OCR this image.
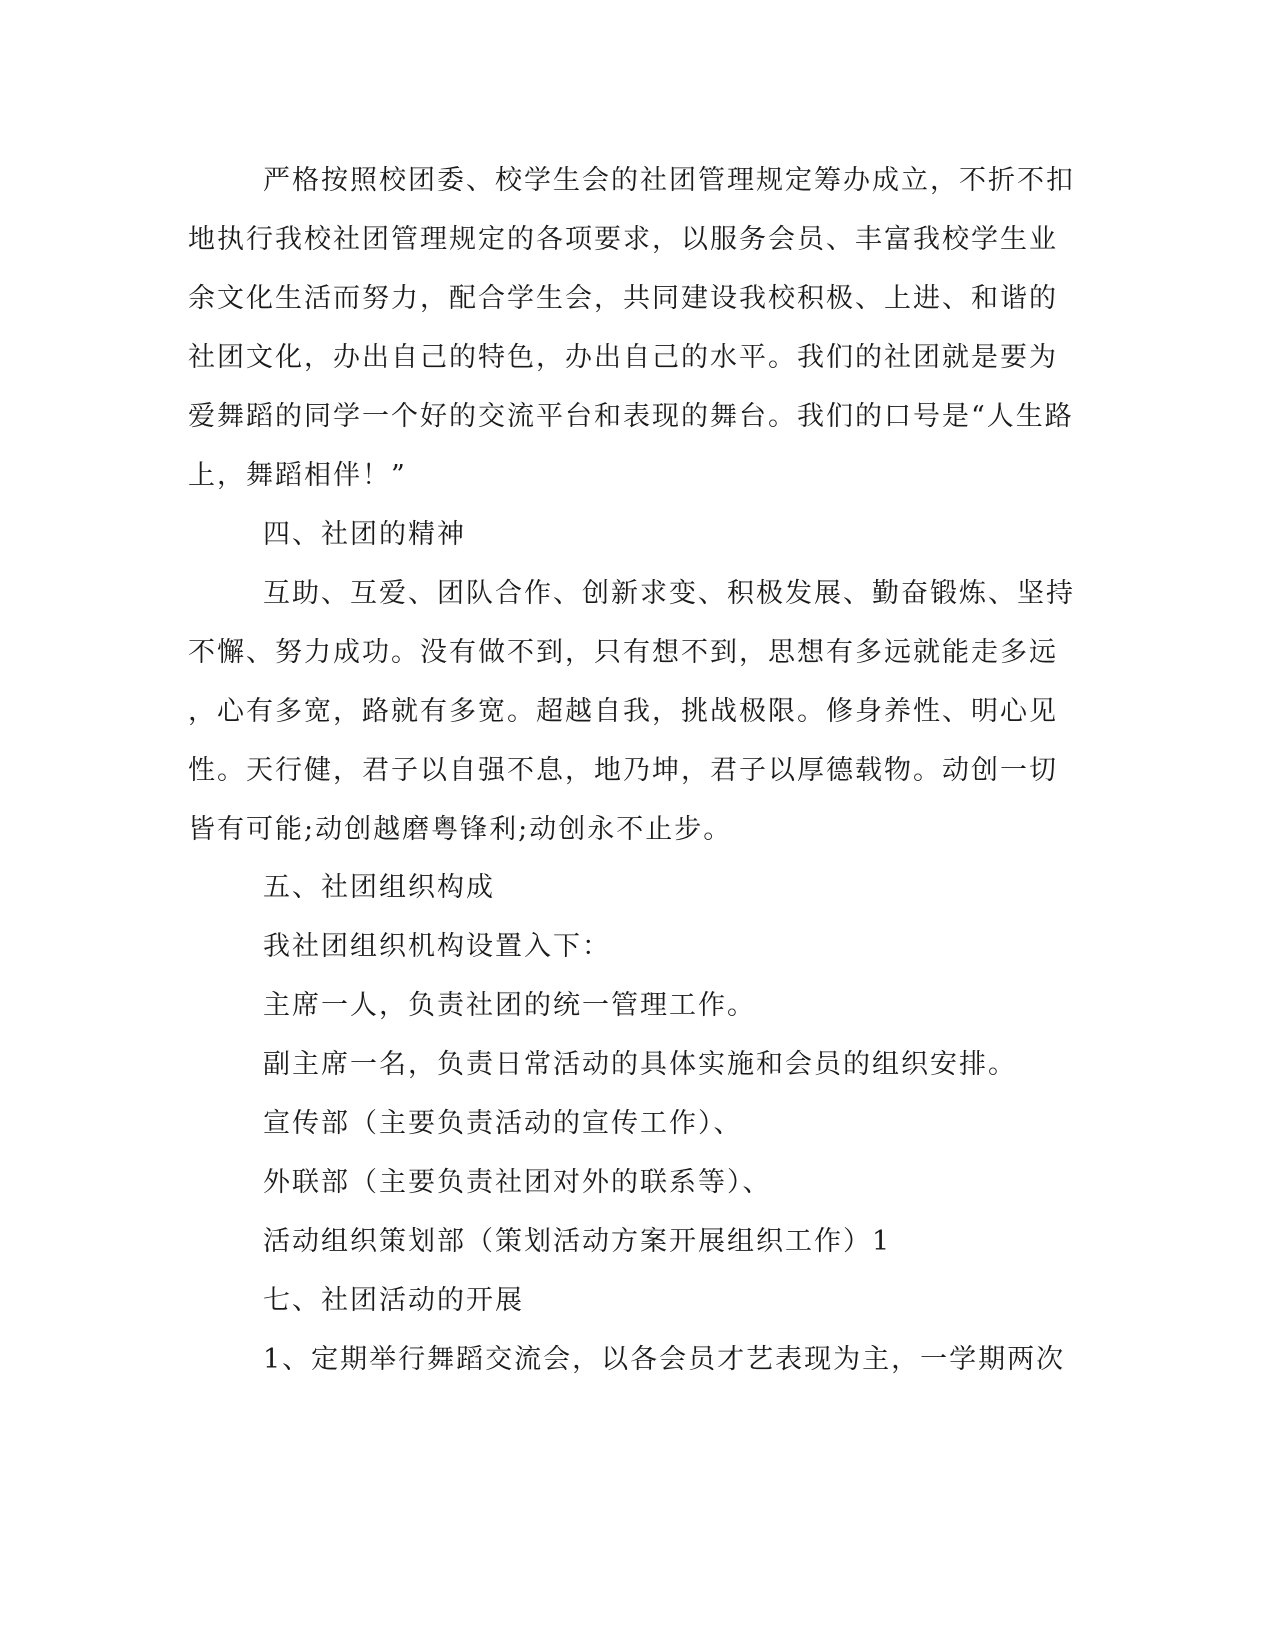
严格按照校团委、校学生会的社团管理规定筹办成立，不折不扣
地执行我校社团管理规定的各项要求，以服务会员、丰富我校学生业
余文化生活而努力，配合学生会，共同建设我校积极、上进、和谐的
社团文化，办出自己的特色，办出自己的水平。我们的社团就是要为
爱舞蹈的同学一个好的交流平台和表现的舞台。我们的口号是“人生路
上，舞蹈相伴！”
四、社团的精神
互助、互爱、团队合作、创新求变、积极发展、勤奋锻炼、坚持
不懈、努力成功。没有做不到，只有想不到，思想有多远就能走多远
，心有多宽，路就有多宽。超越自我，挑战极限。修身养性、明心见
性。天行健，君子以自强不息，地乃坤，君子以厚德载物。动创一切
皆有可能;动创越磨粤锋利;动创永不止步。
五、社团组织构成
我社团组织机构设置入下：
主席一人，负责社团的统一管理工作。
副主席一名，负责日常活动的具体实施和会员的组织安排。
宣传部（主要负责活动的宣传工作）、
外联部（主要负责社团对外的联系等）、
活动组织策划部（策划活动方案开展组织工作）1
七、社团活动的开展
1、定期举行舞蹈交流会，以各会员才艺表现为主，一学期两次
